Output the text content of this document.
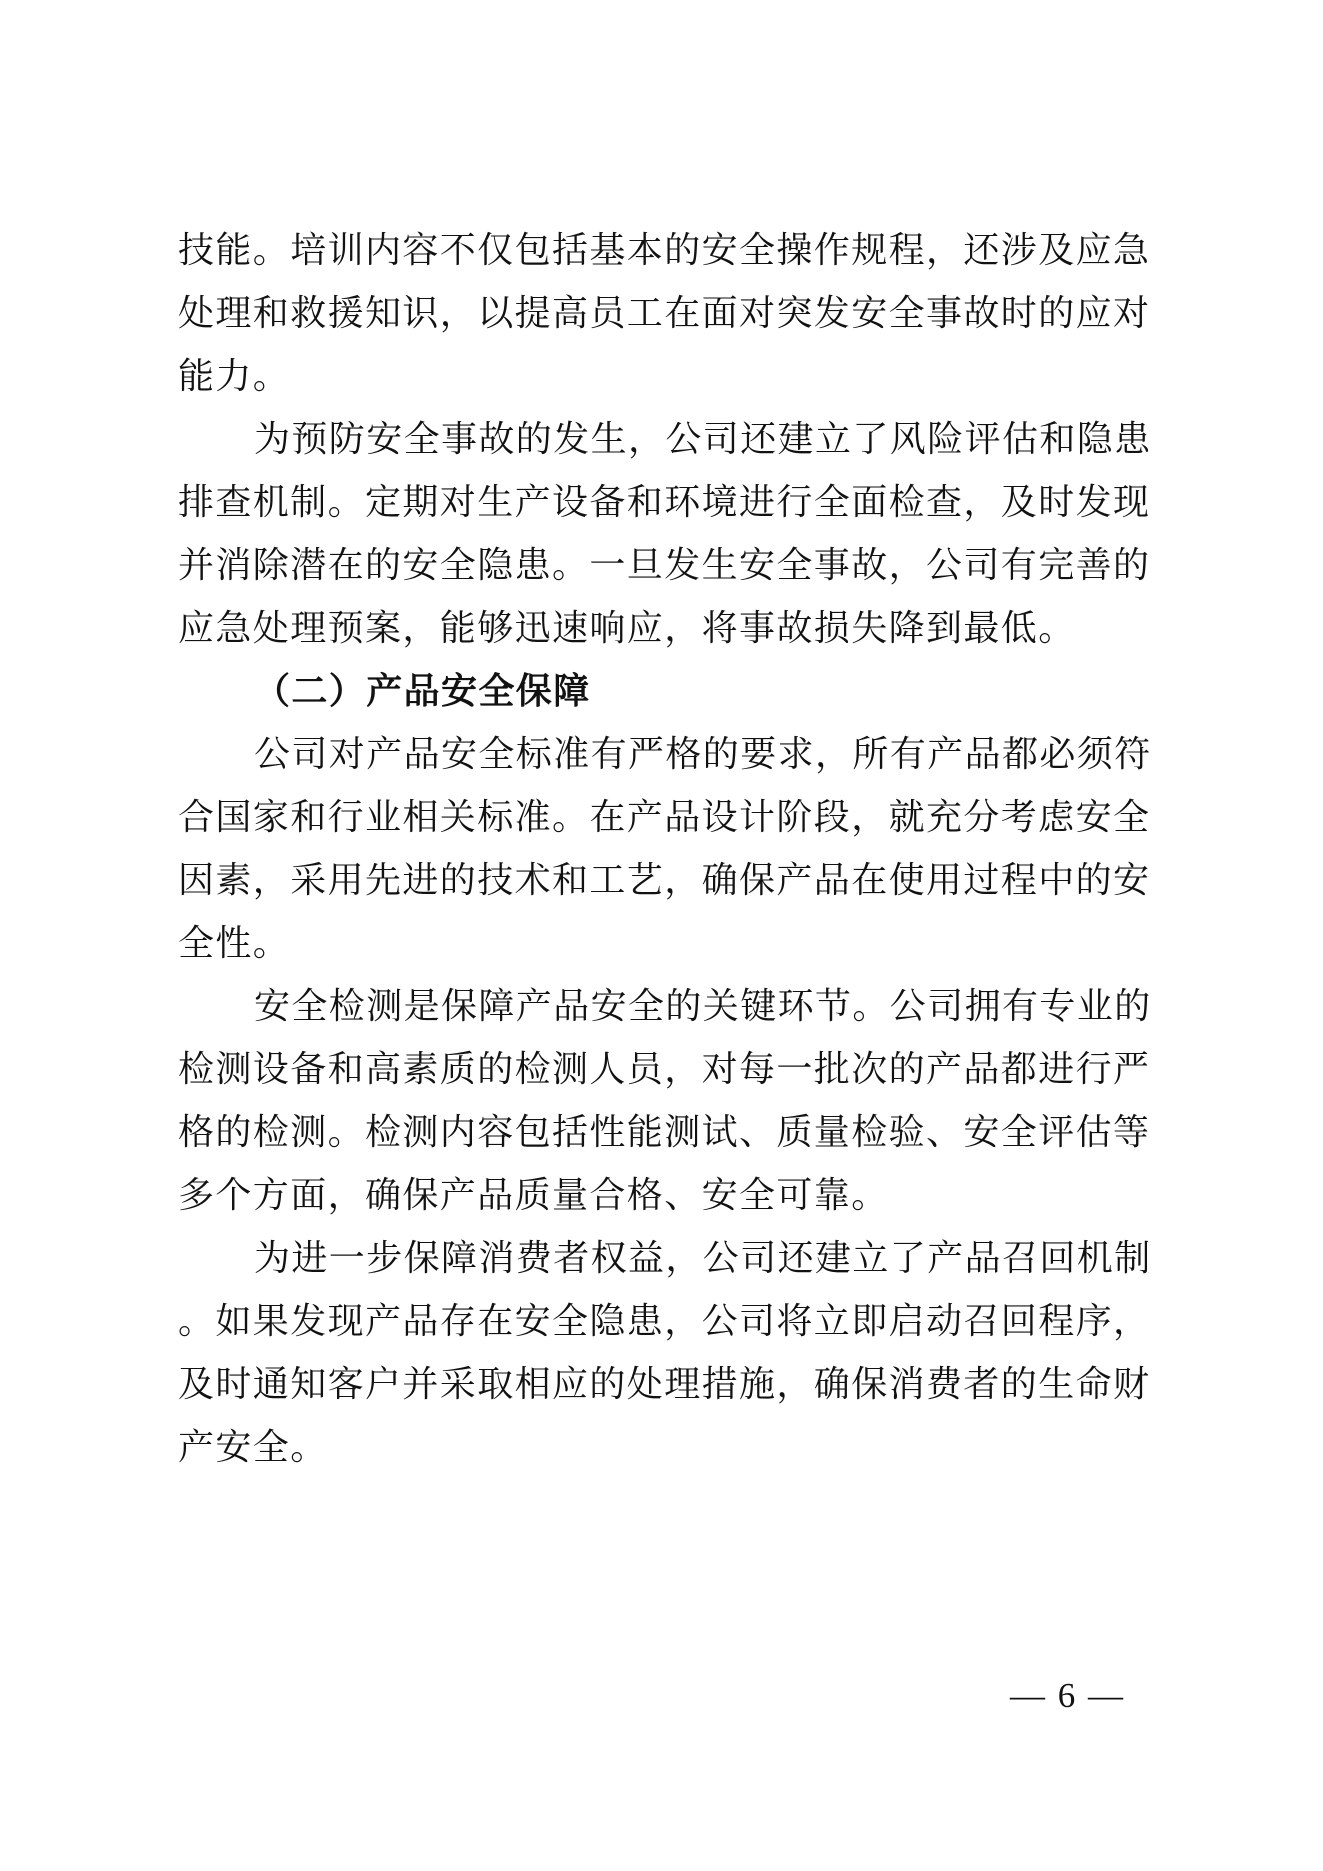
技能。培训内容不仅包括基本的安全操作规程，还涉及应急
处理和救援知识，以提高员工在面对突发安全事故时的应对
能力。
为预防安全事故的发生，公司还建立了风险评估和隐患
排查机制。定期对生产设备和环境进行全面检查，及时发现
并消除潜在的安全隐患。一旦发生安全事故，公司有完善的
应急处理预案，能够迅速响应，将事故损失降到最低。
（二）产品安全保障
公司对产品安全标准有严格的要求，所有产品都必须符
合国家和行业相关标准。在产品设计阶段，就充分考虑安全
因素，采用先进的技术和工艺，确保产品在使用过程中的安
全性。
安全检测是保障产品安全的关键环节。公司拥有专业的
检测设备和高素质的检测人员，对每一批次的产品都进行严
格的检测。检测内容包括性能测试、质量检验、安全评估等
多个方面，确保产品质量合格、安全可靠。
为进一步保障消费者权益，公司还建立了产品召回机制
。如果发现产品存在安全隐患，公司将立即启动召回程序，
及时通知客户并采取相应的处理措施，确保消费者的生命财
产安全。
— 6 —
